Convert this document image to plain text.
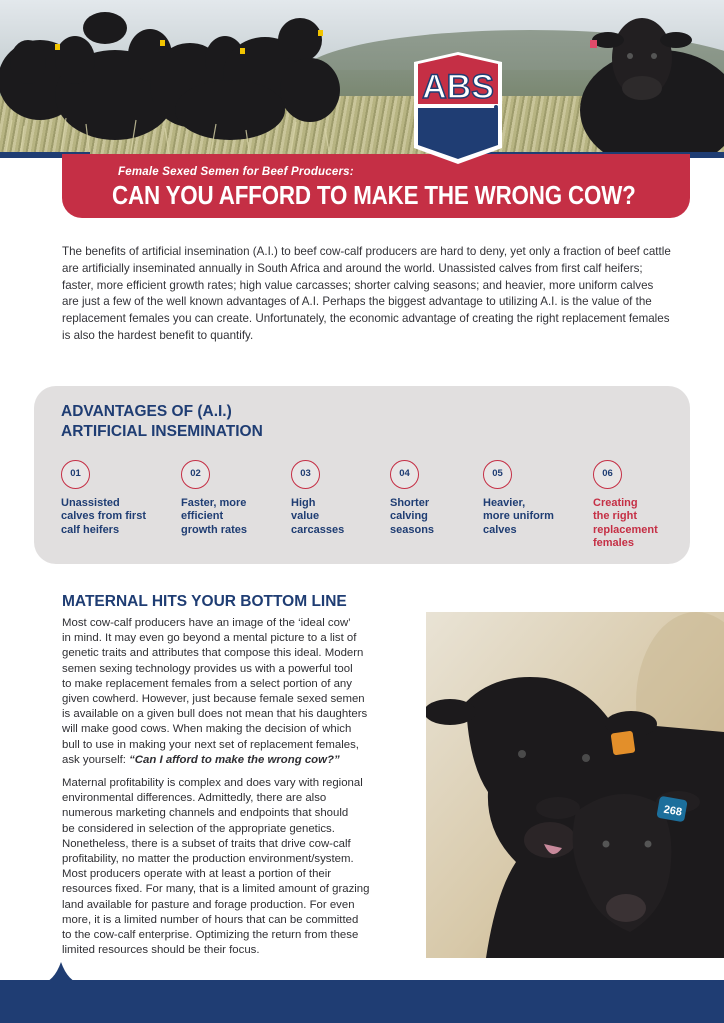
ABS
Female Sexed Semen for Beef Producers:
CAN YOU AFFORD TO MAKE THE WRONG COW?

The benefits of artificial insemination (A.I.) to beef cow-calf producers are hard to deny, yet only a fraction of beef cattle are artificially inseminated annually in South Africa and around the world. Unassisted calves from first calf heifers; faster, more efficient growth rates; high value carcasses; shorter calving seasons; and heavier, more uniform calves are just a few of the well known advantages of A.I. Perhaps the biggest advantage to utilizing A.I. is the value of the replacement females you can create. Unfortunately, the economic advantage of creating the right replacement females is also the hardest benefit to quantify.

ADVANTAGES OF (A.I.)
ARTIFICIAL INSEMINATION
01
Unassisted
calves from first
calf heifers
02
Faster, more
efficient
growth rates
03
High
value
carcasses
04
Shorter
calving
seasons
05
Heavier,
more uniform
calves
06
Creating
the right
replacement
females
MATERNAL HITS YOUR BOTTOM LINE

Most cow-calf producers have an image of the ‘ideal cow’
in mind. It may even go beyond a mental picture to a list of
genetic traits and attributes that compose this ideal. Modern
semen sexing technology provides us with a powerful tool
to make replacement females from a select portion of any
given cowherd. However, just because female sexed semen
is available on a given bull does not mean that his daughters
will make good cows. When making the decision of which
bull to use in making your next set of replacement females,
ask yourself: “Can I afford to make the wrong cow?”

Maternal profitability is complex and does vary with regional
environmental differences. Admittedly, there are also
numerous marketing channels and endpoints that should
be considered in selection of the appropriate genetics.
Nonetheless, there is a subset of traits that drive cow-calf
profitability, no matter the production environment/system.
Most producers operate with at least a portion of their
resources fixed. For many, that is a limited amount of grazing
land available for pasture and forage production. For even
more, it is a limited number of hours that can be committed
to the cow-calf enterprise. Optimizing the return from these
limited resources should be their focus.

268
